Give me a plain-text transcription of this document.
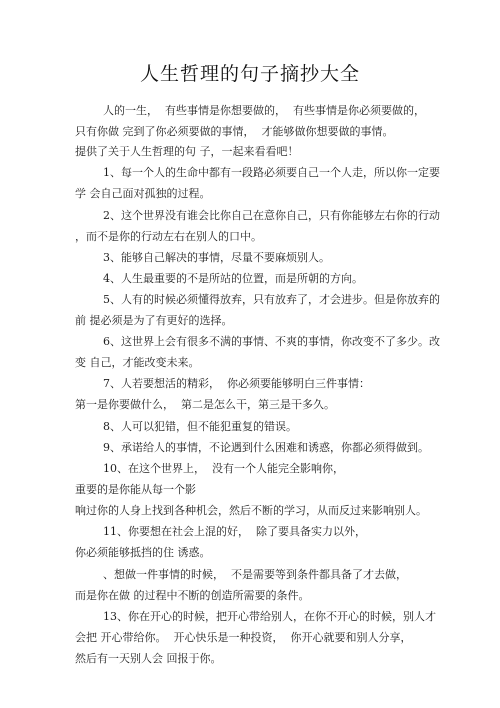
人生哲理的句子摘抄大全
人的一生，  有些事情是你想要做的，  有些事情是你必须要做的，
只有你做 完到了你必须要做的事情，  才能够做你想要做的事情。
提供了关于人生哲理的句 子，一起来看看吧！
1、每一个人的生命中都有一段路必须要自己一个人走，所以你一定要
学 会自己面对孤独的过程。
2、这个世界没有谁会比你自己在意你自己，只有你能够左右你的行动
，而不是你的行动左右在别人的口中。
3、能够自己解决的事情，尽量不要麻烦别人。
4、人生最重要的不是所站的位置，而是所朝的方向。
5、人有的时候必须懂得放弃，只有放弃了，才会进步。但是你放弃的
前 提必须是为了有更好的选择。
6、这世界上会有很多不满的事情、不爽的事情，你改变不了多少。改
变 自己，才能改变未来。
7、人若要想活的精彩，  你必须要能够明白三件事情：
第一是你要做什么，  第二是怎么干，第三是干多久。
8、人可以犯错，但不能犯重复的错误。
9、承诺给人的事情，不论遇到什么困难和诱惑，你都必须得做到。
10、在这个世界上，  没有一个人能完全影响你，
重要的是你能从每一个影
响过你的人身上找到各种机会，然后不断的学习，从而反过来影响别人。
11、你要想在社会上混的好，  除了要具备实力以外，
你必须能够抵挡的住 诱惑。
、想做一件事情的时候，  不是需要等到条件都具备了才去做，
而是你在做 的过程中不断的创造所需要的条件。
13、你在开心的时候，把开心带给别人，在你不开心的时候，别人才
会把 开心带给你。  开心快乐是一种投资，  你开心就要和别人分享，
然后有一天别人会 回报于你。
